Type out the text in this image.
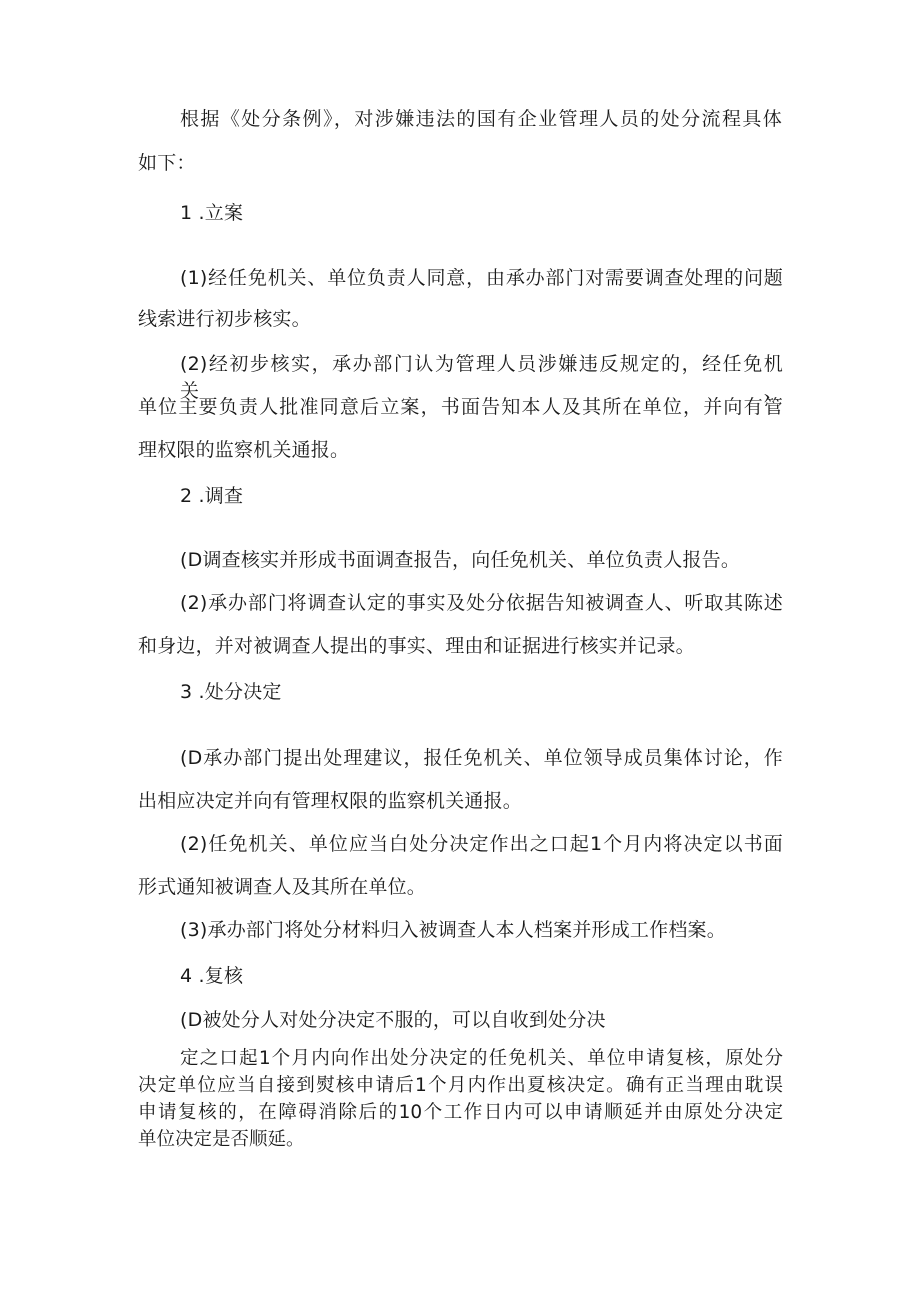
根据《处分条例》，对涉嫌违法的国有企业管理人员的处分流程具体
如下：
1 .立案
(1)经任免机关、单位负责人同意，由承办部门对需要调查处理的问题
线索进行初步核实。
(2)经初步核实，承办部门认为管理人员涉嫌违反规定的，经任免机关、
单位主要负责人批准同意后立案，书面告知本人及其所在单位，并向有管
理权限的监察机关通报。
2 .调查
(D调查核实并形成书面调查报告，向任免机关、单位负责人报告。
(2)承办部门将调查认定的事实及处分依据告知被调查人、听取其陈述
和身边，并对被调查人提出的事实、理由和证据进行核实并记录。
3 .处分决定
(D承办部门提出处理建议，报任免机关、单位领导成员集体讨论，作
出相应决定并向有管理权限的监察机关通报。
(2)任免机关、单位应当白处分决定作出之口起1个月内将决定以书面
形式通知被调查人及其所在单位。
(3)承办部门将处分材料归入被调查人本人档案并形成工作档案。
4 .复核
(D被处分人对处分决定不服的，可以自收到处分决
定之口起1个月内向作出处分决定的任免机关、单位申请复核，原处分
决定单位应当自接到熨核申请后1个月内作出夏核决定。确有正当理由耽误
申请复核的，在障碍消除后的10个工作日内可以申请顺延并由原处分决定
单位决定是否顺延。
